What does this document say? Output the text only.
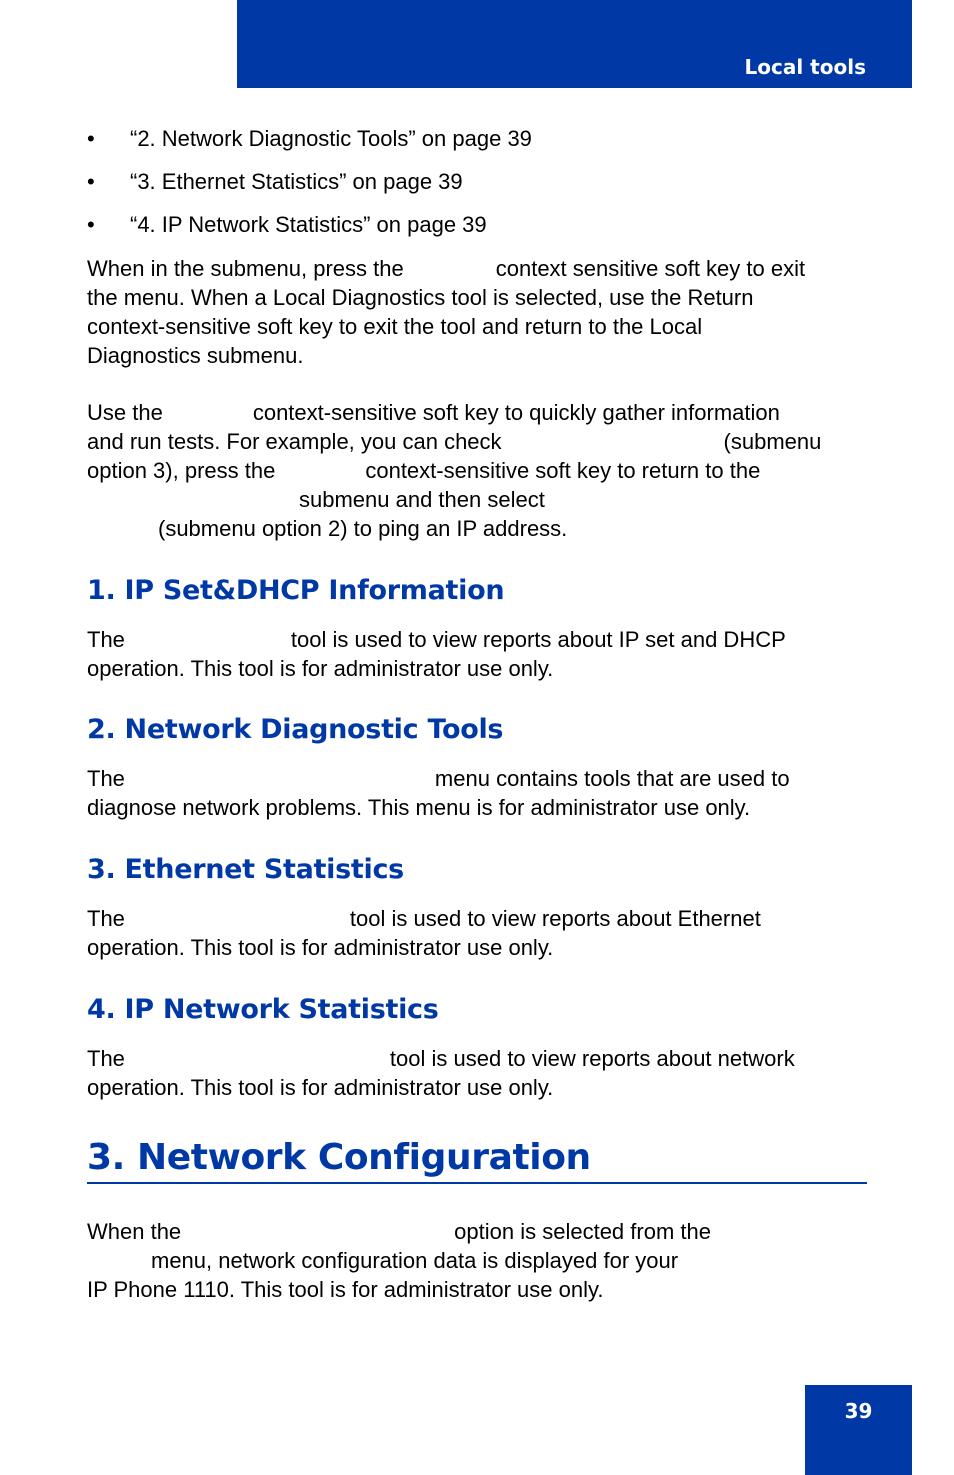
Local tools
• “2. Network Diagnostic Tools” on page 39
• “3. Ethernet Statistics” on page 39
• “4. IP Network Statistics” on page 39
When in the submenu, press the	context sensitive soft key to exit
the menu. When a Local Diagnostics tool is selected, use the Return
context-sensitive soft key to exit the tool and return to the Local
Diagnostics submenu.
Use the	context-sensitive soft key to quickly gather information
and run tests. For example, you can check	(submenu
option 3), press the	context-sensitive soft key to return to the
submenu and then select
(submenu option 2) to ping an IP address.
1. IP Set&DHCP Information
The	tool is used to view reports about IP set and DHCP
operation. This tool is for administrator use only.
2. Network Diagnostic Tools
The	menu contains tools that are used to
diagnose network problems. This menu is for administrator use only.
3. Ethernet Statistics
The	tool is used to view reports about Ethernet
operation. This tool is for administrator use only.
4. IP Network Statistics
The	tool is used to view reports about network
operation. This tool is for administrator use only.
3. Network Configuration
When the	option is selected from the
menu, network configuration data is displayed for your
IP Phone 1110. This tool is for administrator use only.
39
